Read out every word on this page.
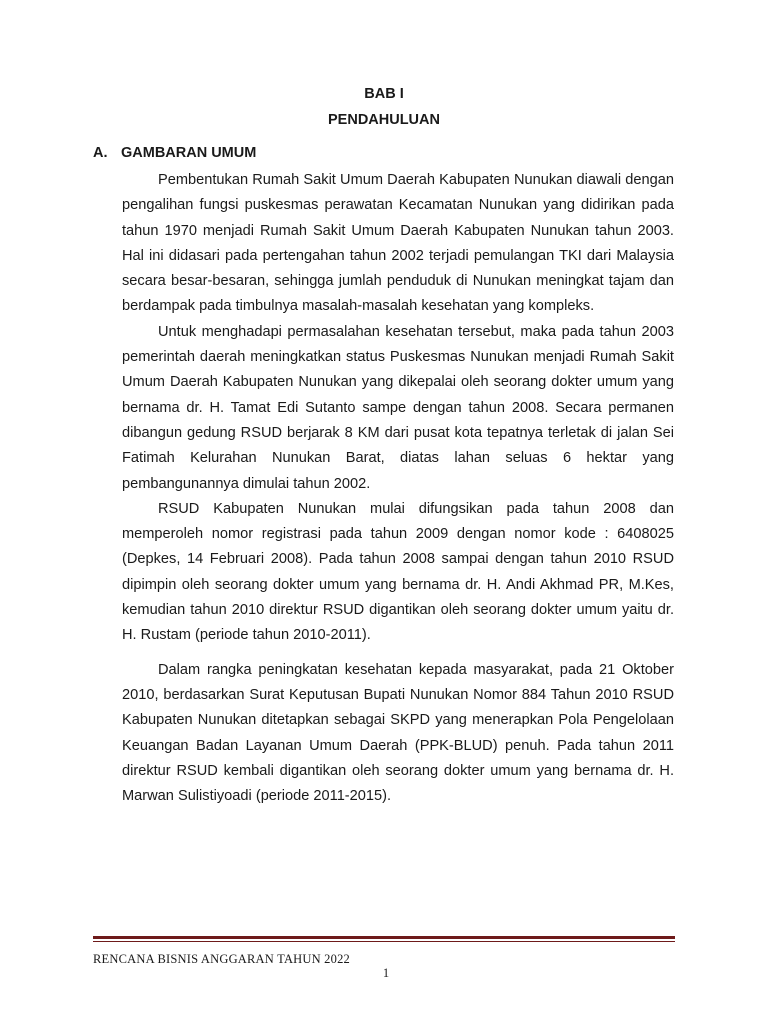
BAB I
PENDAHULUAN
A. GAMBARAN UMUM

Pembentukan Rumah Sakit Umum Daerah Kabupaten Nunukan diawali dengan pengalihan fungsi puskesmas perawatan Kecamatan Nunukan yang didirikan pada tahun 1970 menjadi Rumah Sakit Umum Daerah Kabupaten Nunukan tahun 2003. Hal ini didasari pada pertengahan tahun 2002 terjadi pemulangan TKI dari Malaysia secara besar-besaran, sehingga jumlah penduduk di Nunukan meningkat tajam dan berdampak pada timbulnya masalah-masalah kesehatan yang kompleks.

Untuk menghadapi permasalahan kesehatan tersebut, maka pada tahun 2003 pemerintah daerah meningkatkan status Puskesmas Nunukan menjadi Rumah Sakit Umum Daerah Kabupaten Nunukan yang dikepalai oleh seorang dokter umum yang bernama dr. H. Tamat Edi Sutanto sampe dengan tahun 2008. Secara permanen dibangun gedung RSUD berjarak 8 KM dari pusat kota tepatnya terletak di jalan Sei Fatimah Kelurahan Nunukan Barat, diatas lahan seluas 6 hektar yang pembangunannya dimulai tahun 2002.

RSUD Kabupaten Nunukan mulai difungsikan pada tahun 2008 dan memperoleh nomor registrasi pada tahun 2009 dengan nomor kode : 6408025 (Depkes, 14 Februari 2008). Pada tahun 2008 sampai dengan tahun 2010 RSUD dipimpin oleh seorang dokter umum yang bernama dr. H. Andi Akhmad PR, M.Kes, kemudian tahun 2010 direktur RSUD digantikan oleh seorang dokter umum yaitu dr. H. Rustam (periode tahun 2010-2011).

Dalam rangka peningkatan kesehatan kepada masyarakat, pada 21 Oktober 2010, berdasarkan Surat Keputusan Bupati Nunukan Nomor 884 Tahun 2010 RSUD Kabupaten Nunukan ditetapkan sebagai SKPD yang menerapkan Pola Pengelolaan Keuangan Badan Layanan Umum Daerah (PPK-BLUD) penuh. Pada tahun 2011 direktur RSUD kembali digantikan oleh seorang dokter umum yang bernama dr. H. Marwan Sulistiyoadi (periode 2011-2015).

RENCANA BISNIS ANGGARAN TAHUN 2022
1
